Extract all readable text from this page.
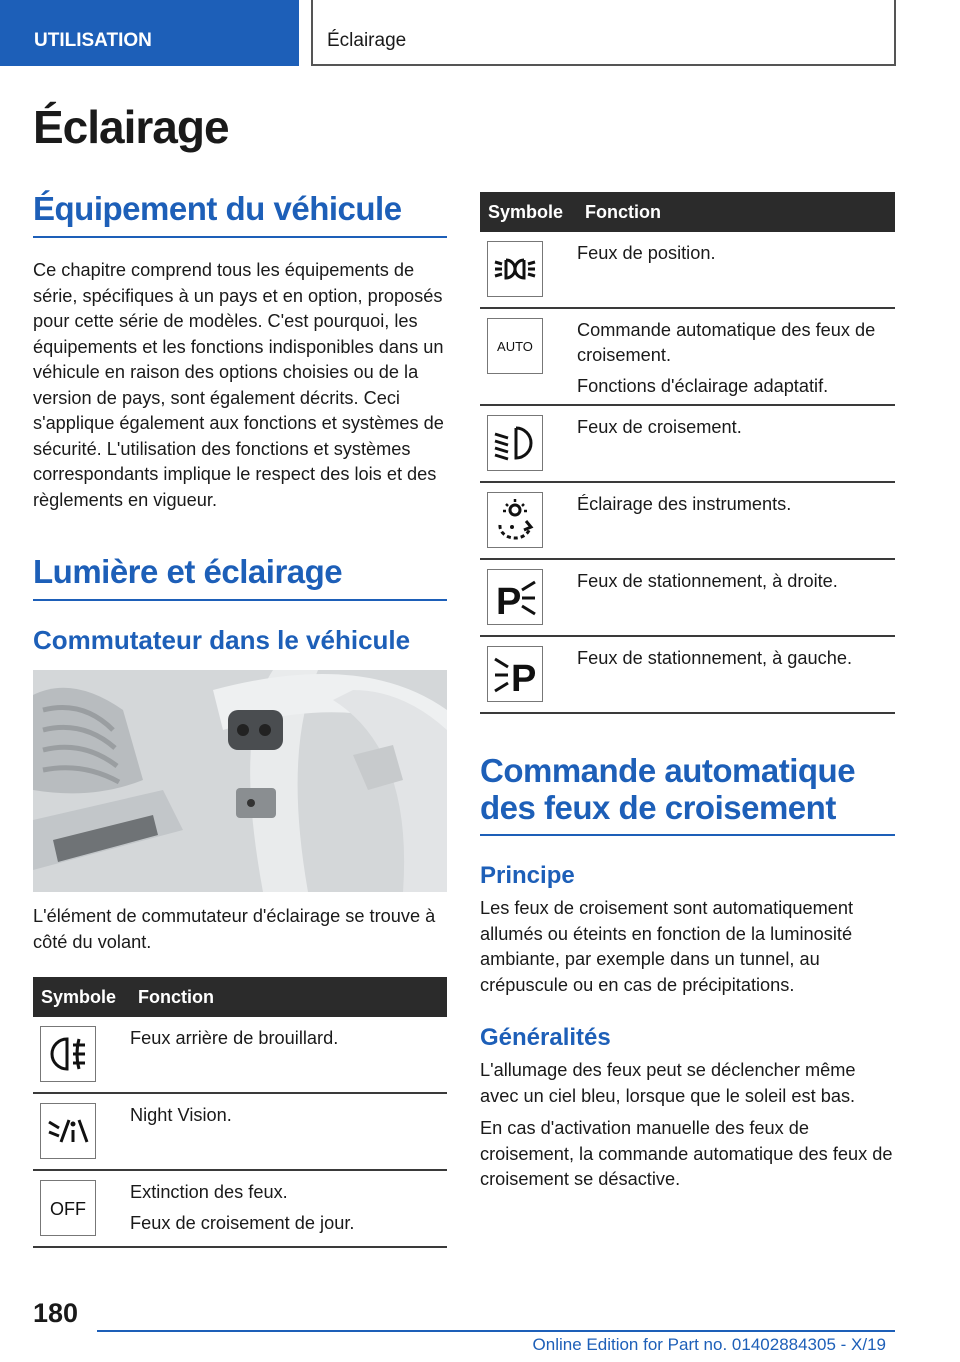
UTILISATION	Éclairage
Éclairage
Équipement du véhicule

Ce chapitre comprend tous les équipements de série, spécifiques à un pays et en option, proposés pour cette série de modèles. C'est pourquoi, les équipements et les fonctions indisponibles dans un véhicule en raison des options choisies ou de la version de pays, sont également décrits. Ceci s'applique également aux fonctions et systèmes de sécurité. L'utilisation des fonctions et systèmes correspondants implique le respect des lois et des règlements en vigueur.

Lumière et éclairage
Commutateur dans le véhicule

L'élément de commutateur d'éclairage se trouve à côté du volant.

Symbole	Fonction

Feux arrière de brouillard.

Night Vision.

OFF	Extinction des feux.
Feux de croisement de jour.
Symbole	Fonction

Feux de position.

AUTO	Commande automatique des feux de croisement.
Fonctions d'éclairage adaptatif.

Feux de croisement.

Éclairage des instruments.

P	Feux de stationnement, à droite.

P	Feux de stationnement, à gauche.
Commande automatique des feux de croisement
Principe

Les feux de croisement sont automatiquement allumés ou éteints en fonction de la luminosité ambiante, par exemple dans un tunnel, au crépuscule ou en cas de précipitations.

Généralités

L'allumage des feux peut se déclencher même avec un ciel bleu, lorsque que le soleil est bas.

En cas d'activation manuelle des feux de croisement, la commande automatique des feux de croisement se désactive.

180
Online Edition for Part no. 01402884305 - X/19
